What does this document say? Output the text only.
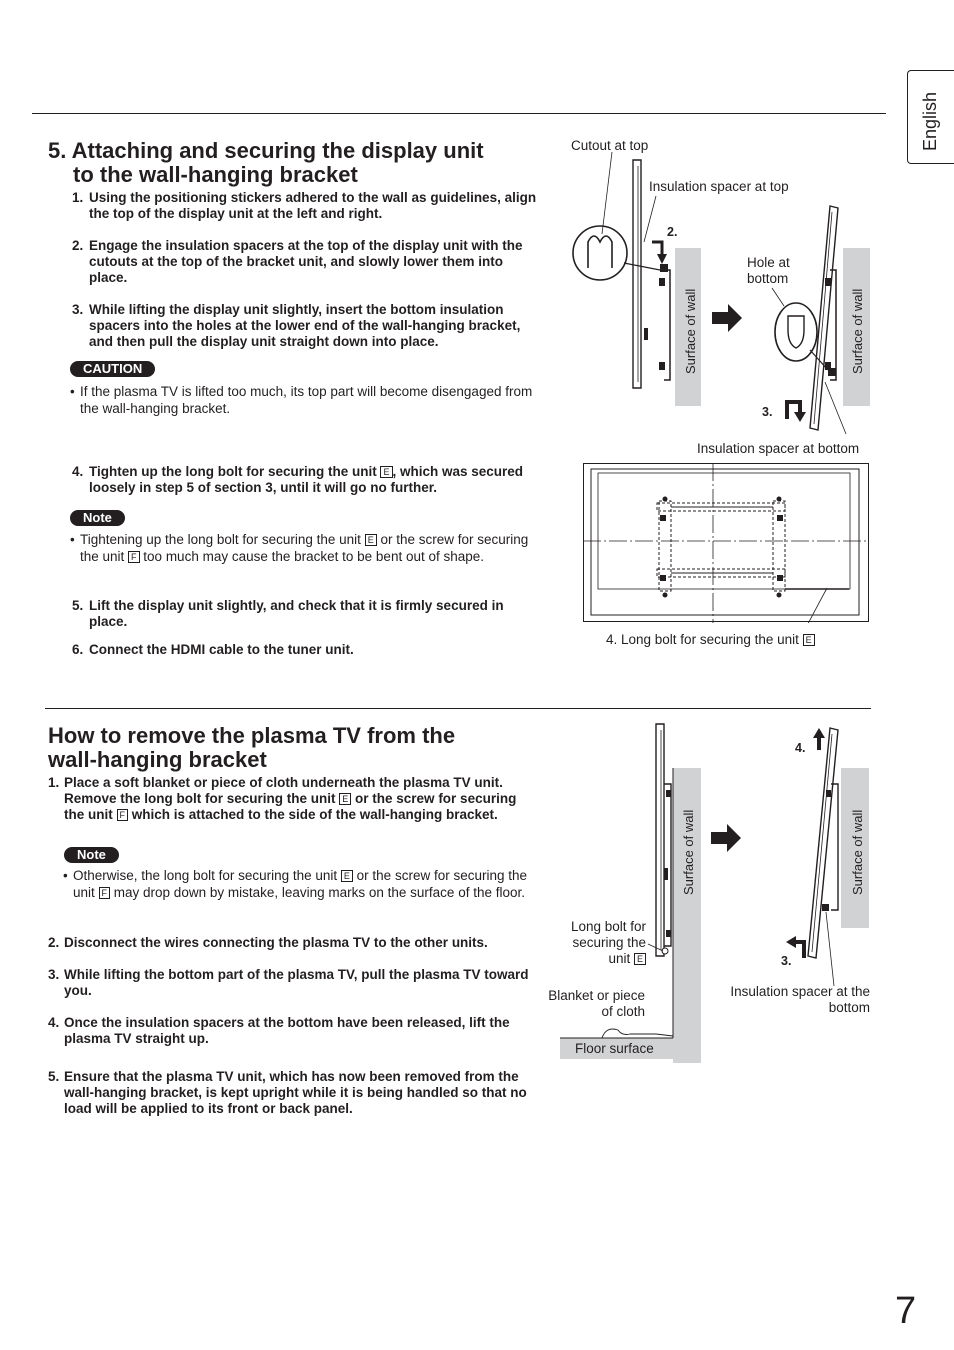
English
5. Attaching and securing the display unit
to the wall-hanging bracket

1. Using the positioning stickers adhered to the wall as guidelines, align the top of the display unit at the left and right.

2. Engage the insulation spacers at the top of the display unit with the cutouts at the top of the bracket unit, and slowly lower them into place.

3. While lifting the display unit slightly, insert the bottom insulation spacers into the holes at the lower end of the wall-hanging bracket, and then pull the display unit straight down into place.

CAUTION
• If the plasma TV is lifted too much, its top part will become disengaged from the wall-hanging bracket.

4. Tighten up the long bolt for securing the unit E , which was secured loosely in step 5 of section 3, until it will go no further.

Note
• Tightening up the long bolt for securing the unit E or the screw for securing the unit F too much may cause the bracket to be bent out of shape.

5. Lift the display unit slightly, and check that it is firmly secured in place.

6. Connect the HDMI cable to the tuner unit.

Cutout at top
Insulation spacer at top
2.
Hole at bottom
Surface of wall	Surface of wall
3.
Insulation spacer at bottom
4. Long bolt for securing the unit E
How to remove the plasma TV from the
wall-hanging bracket

1. Place a soft blanket or piece of cloth underneath the plasma TV unit. Remove the long bolt for securing the unit E or the screw for securing the unit F which is attached to the side of the wall-hanging bracket.

Note
• Otherwise, the long bolt for securing the unit E or the screw for securing the unit F may drop down by mistake, leaving marks on the surface of the floor.

2. Disconnect the wires connecting the plasma TV to the other units.

3. While lifting the bottom part of the plasma TV, pull the plasma TV toward you.

4. Once the insulation spacers at the bottom have been released, lift the plasma TV straight up.

5. Ensure that the plasma TV unit, which has now been removed from the wall-hanging bracket, is kept upright while it is being handled so that no load will be applied to its front or back panel.

Surface of wall	Surface of wall
4.
3.
Long bolt for
securing the
unit E
Blanket or piece
of cloth
Floor surface
Insulation spacer at the
bottom
7
